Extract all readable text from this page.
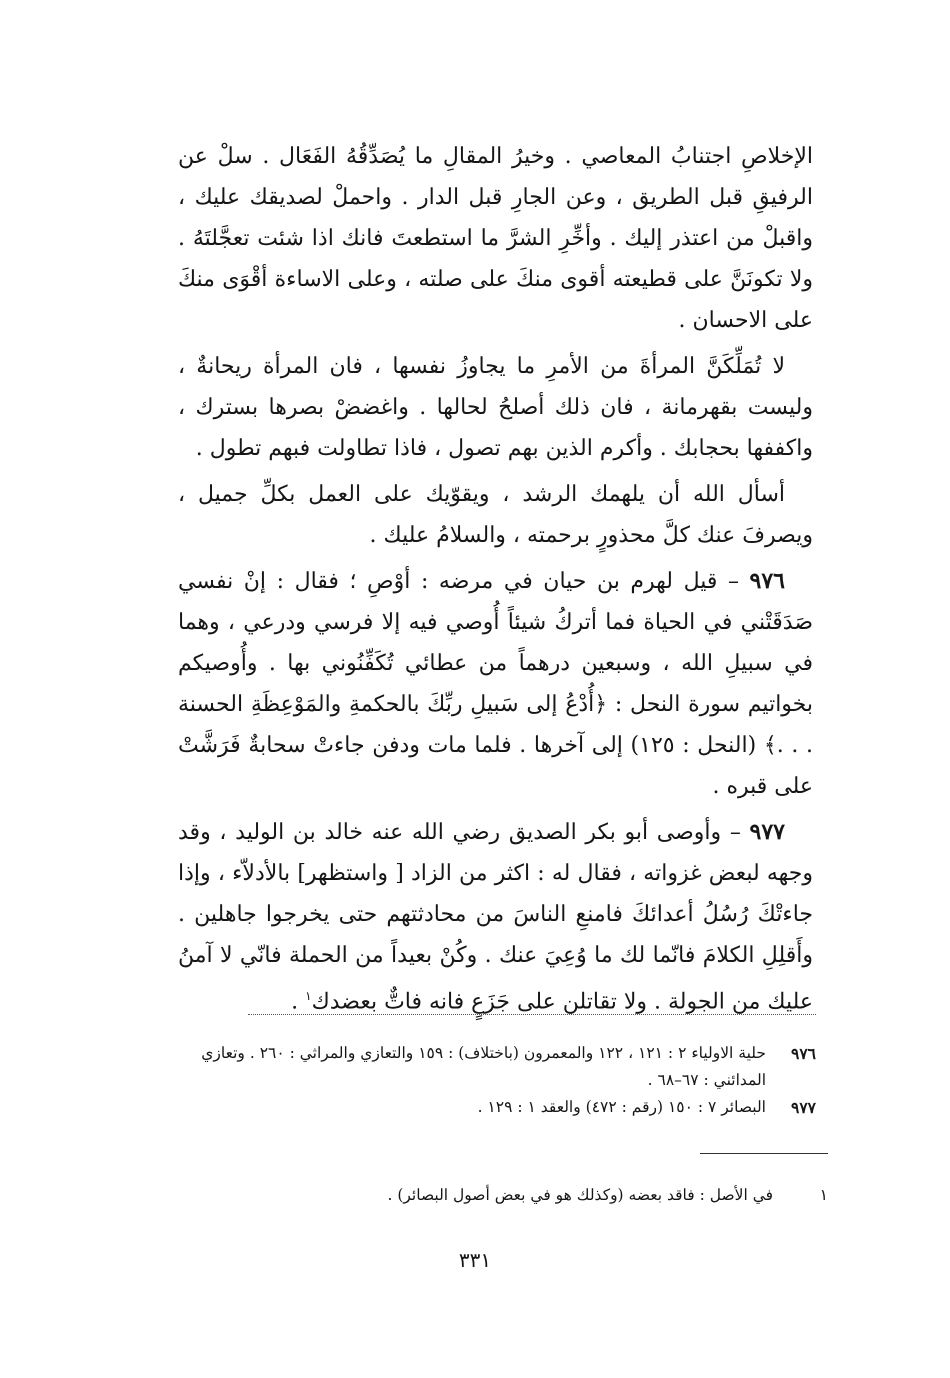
الإخلاصِ اجتنابُ المعاصي . وخيرُ المقالِ ما يُصَدِّقُهُ الفَعَال . سلْ عن الرفيقِ قبل الطريق ، وعن الجارِ قبل الدار . واحملْ لصديقك عليك ، واقبلْ من اعتذر إليك . وأخِّرِ الشرَّ ما استطعتَ فانك اذا شئت تعجَّلتَهُ . ولا تكونَنَّ على قطيعته أقوى منكَ على صلته ، وعلى الاساءة أقْوَى منكَ على الاحسان .

لا تُمَلِّكَنَّ المرأةَ من الأمرِ ما يجاوزُ نفسها ، فان المرأة ريحانةٌ ، وليست بقهرمانة ، فان ذلك أصلحُ لحالها . واغضضْ بصرها بسترك ، واكففها بحجابك . وأكرم الذين بهم تصول ، فاذا تطاولت فبهم تطول .

أسأل الله أن يلهمك الرشد ، ويقوّيك على العمل بكلِّ جميل ، ويصرفَ عنك كلَّ محذورٍ برحمته ، والسلامُ عليك .

٩٧٦ – قيل لهرم بن حيان في مرضه : أوْصِ ؛ فقال : إنْ نفسي صَدَقَتْني في الحياة فما أتركُ شيئاً أُوصي فيه إلا فرسي ودرعي ، وهما في سبيلِ الله ، وسبعين درهماً من عطائي تُكَفِّنُوني بها . وأُوصيكم بخواتيم سورة النحل : ﴿أُدْعُ إلى سَبيلِ ربِّكَ بالحكمةِ والمَوْعِظَةِ الحسنة . . .﴾ (النحل : ١٢٥) إلى آخرها . فلما مات ودفن جاءتْ سحابةٌ فَرَشَّتْ على قبره .

٩٧٧ – وأوصى أبو بكر الصديق رضي الله عنه خالد بن الوليد ، وقد وجهه لبعض غزواته ، فقال له : اكثر من الزاد [ واستظهر] بالأدلاّء ، وإذا جاءتْكَ رُسُلُ أعدائكَ فامنعِ الناسَ من محادثتهم حتى يخرجوا جاهلين . وأَقلِلِ الكلامَ فانّما لك ما وُعِيَ عنك . وكُنْ بعيداً من الحملة فانّي لا آمنُ عليك من الجولة . ولا تقاتلن على جَزَعٍ فانه فاتٌّ بعضدك$^١$ .

٩٧٦
حلية الاولياء ٢ : ١٢١ ، ١٢٢ والمعمرون (باختلاف) : ١٥٩ والتعازي والمراثي : ٢٦٠ . وتعازي المدائني : ٦٧–٦٨ .
٩٧٧
البصائر ٧ : ١٥٠ (رقم : ٤٧٢) والعقد ١ : ١٢٩ .
١ في الأصل : فاقد بعضه (وكذلك هو في بعض أصول البصائر) .
٣٣١
